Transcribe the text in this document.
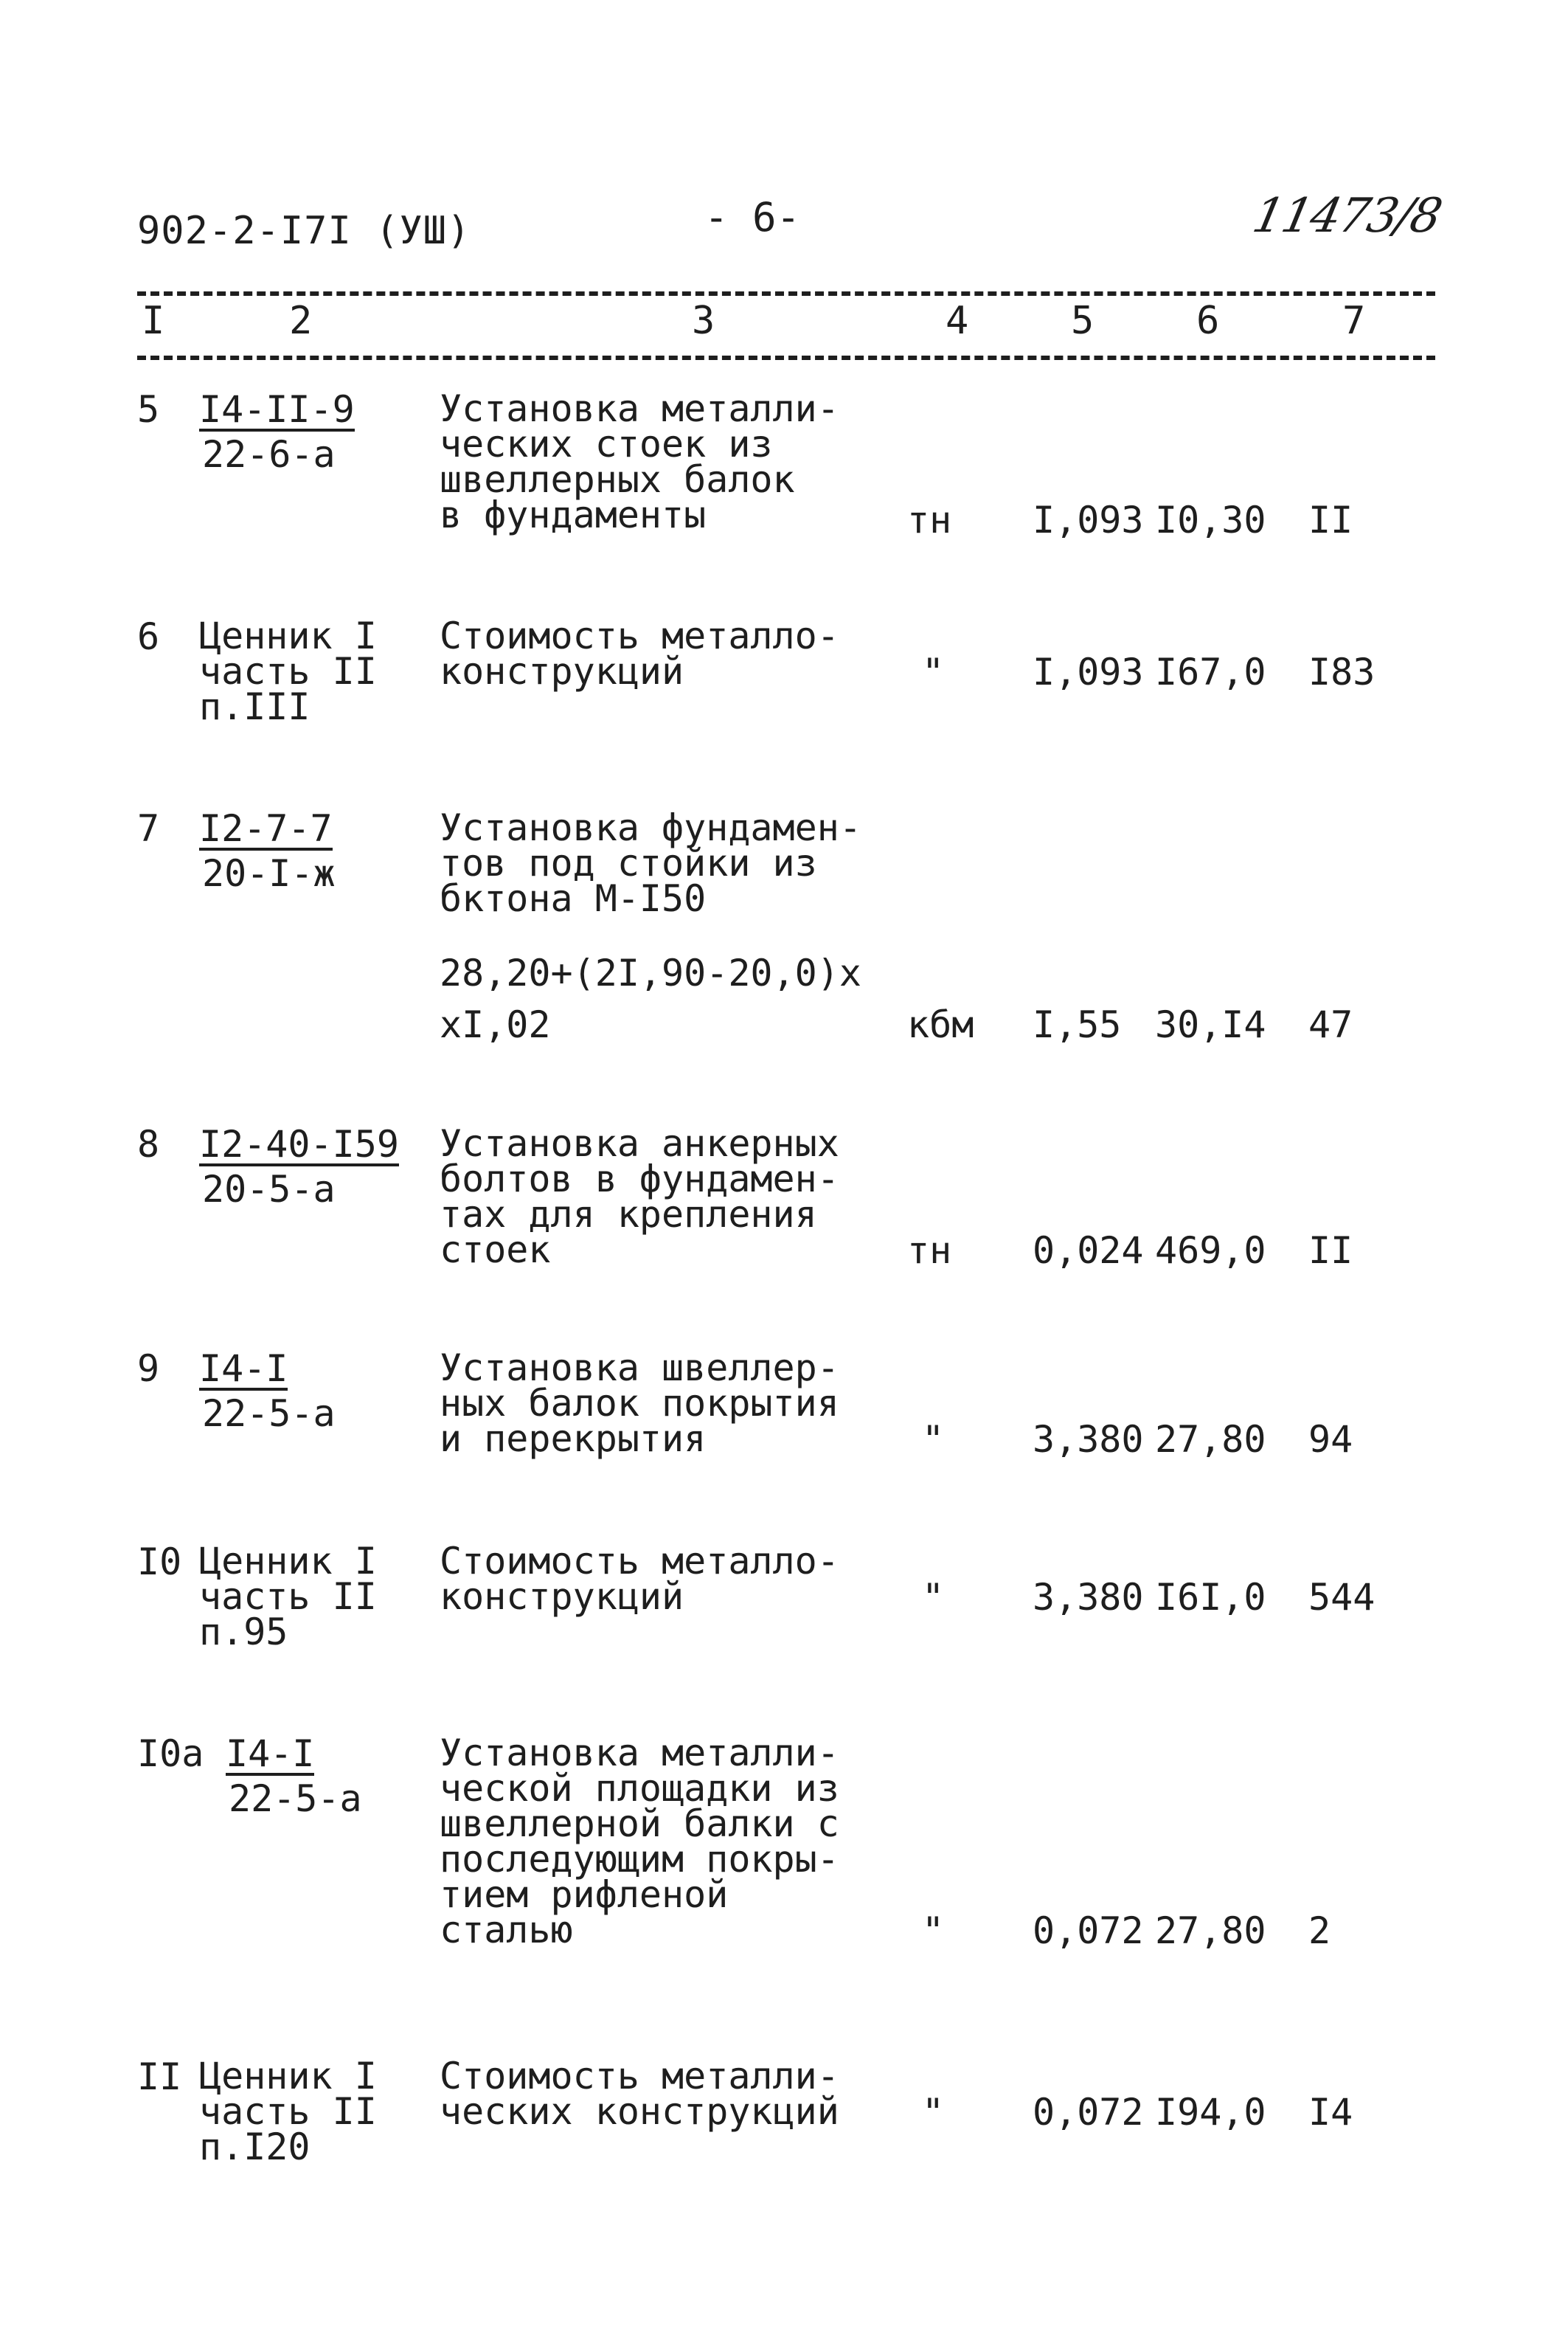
902-2-I7I (УШ)	- 6-	11473/8
I	2	3	4	5	6	7
5 I4-II-9
22-6-а
Установка металли-
ческих стоек из
швеллерных балок
в фундаменты	тн I,093 I0,30 II
6 Ценник I
часть II
п.III
Стоимость металло-
конструкций	" I,093 I67,0 I83
7 I2-7-7
20-I-ж
Установка фундамен-
тов под стойки из
бктона М-I50
28,20+(2I,90-20,0)x
xI,02	кбм I,55 30,I4 47
8 I2-40-I59
20-5-а
Установка анкерных
болтов в фундамен-
тах для крепления
стоек	тн 0,024 469,0 II
9 I4-I
22-5-а
Установка швеллер-
ных балок покрытия
и перекрытия	" 3,380 27,80 94
I0 Ценник I
часть II
п.95
Стоимость металло-
конструкций	" 3,380 I6I,0 544
I0а I4-I
22-5-а
Установка металли-
ческой площадки из
швеллерной балки с
последующим покры-
тием рифленой
сталью	" 0,072 27,80 2
II Ценник I
часть II
п.I20
Стоимость металли-
ческих конструкций " 0,072 I94,0 I4
